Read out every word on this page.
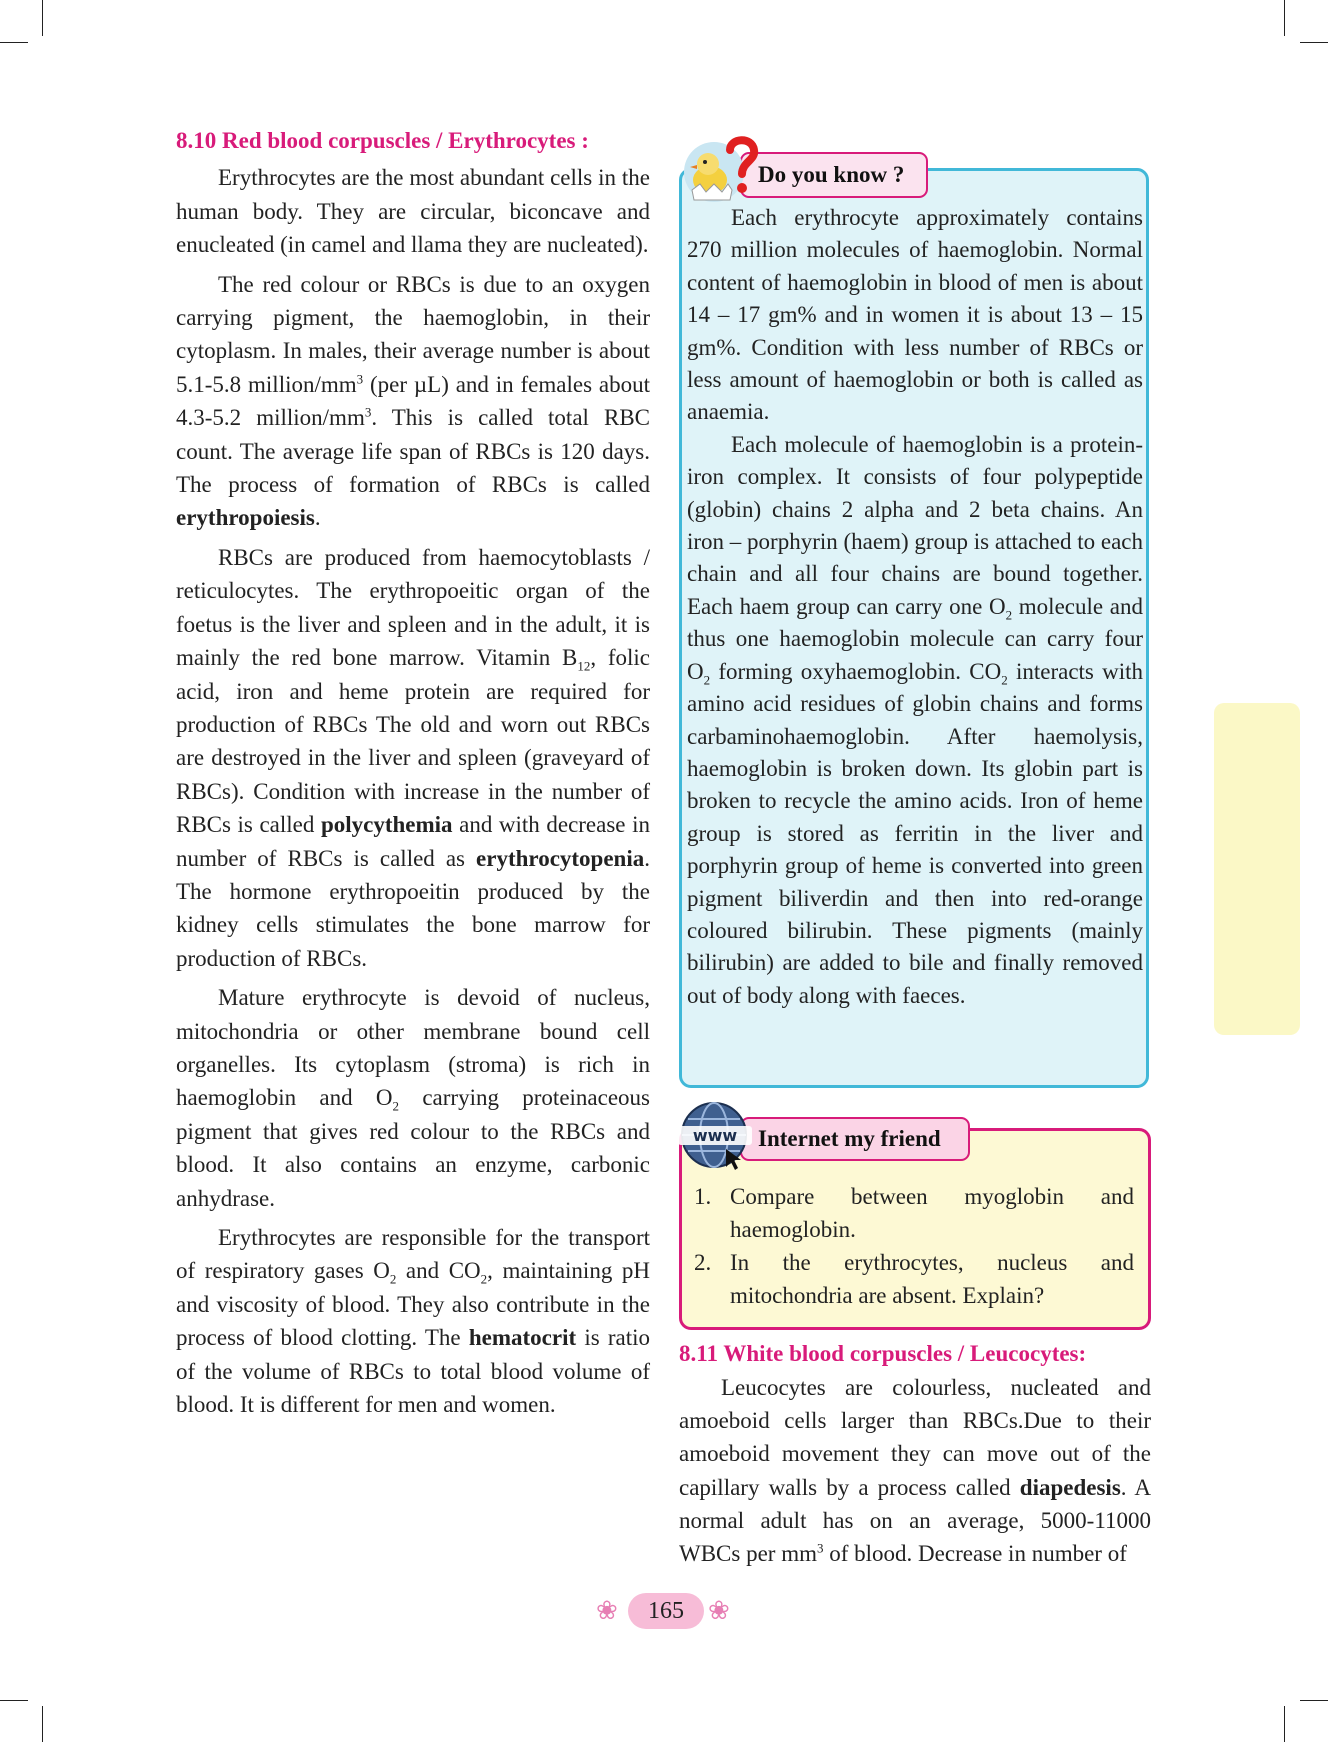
8.10 Red blood corpuscles / Erythrocytes :

Erythrocytes are the most abundant cells in the human body. They are circular, biconcave and enucleated (in camel and llama they are nucleated).

The red colour or RBCs is due to an oxygen carrying pigment, the haemoglobin, in their cytoplasm. In males, their average number is about 5.1-5.8 million/$mm^3$ (per µL) and in females about 4.3-5.2 million/$mm^3$. This is called total RBC count. The average life span of RBCs is 120 days. The process of formation of RBCs is called erythropoiesis.

RBCs are produced from haemocytoblasts / reticulocytes. The erythropoeitic organ of the foetus is the liver and spleen and in the adult, it is mainly the red bone marrow. Vitamin $B_{12}$, folic acid, iron and heme protein are required for production of RBCs The old and worn out RBCs are destroyed in the liver and spleen (graveyard of RBCs). Condition with increase in the number of RBCs is called polycythemia and with decrease in number of RBCs is called as erythrocytopenia. The hormone erythropoeitin produced by the kidney cells stimulates the bone marrow for production of RBCs.

Mature erythrocyte is devoid of nucleus, mitochondria or other membrane bound cell organelles. Its cytoplasm (stroma) is rich in haemoglobin and $O_2$ carrying proteinaceous pigment that gives red colour to the RBCs and blood. It also contains an enzyme, carbonic anhydrase.

Erythrocytes are responsible for the transport of respiratory gases $O_2$ and $CO_2$, maintaining pH and viscosity of blood. They also contribute in the process of blood clotting. The hematocrit is ratio of the volume of RBCs to total blood volume of blood. It is different for men and women.

Do you know ?

Each erythrocyte approximately contains 270 million molecules of haemoglobin. Normal content of haemoglobin in blood of men is about 14 – 17 gm% and in women it is about 13 – 15 gm%. Condition with less number of RBCs or less amount of haemoglobin or both is called as anaemia.

Each molecule of haemoglobin is a protein-iron complex. It consists of four polypeptide (globin) chains 2 alpha and 2 beta chains. An iron – porphyrin (haem) group is attached to each chain and all four chains are bound together. Each haem group can carry one $O_2$ molecule and thus one haemoglobin molecule can carry four $O_2$ forming oxyhaemoglobin. $CO_2$ interacts with amino acid residues of globin chains and forms carbaminohaemoglobin. After haemolysis, haemoglobin is broken down. Its globin part is broken to recycle the amino acids. Iron of heme group is stored as ferritin in the liver and porphyrin group of heme is converted into green pigment biliverdin and then into red-orange coloured bilirubin. These pigments (mainly bilirubin) are added to bile and finally removed out of body along with faeces.

Internet my friend
www
1. Compare between myoglobin and haemoglobin.
2. In the erythrocytes, nucleus and mitochondria are absent. Explain?
8.11 White blood corpuscles / Leucocytes:

Leucocytes are colourless, nucleated and amoeboid cells larger than RBCs.Due to their amoeboid movement they can move out of the capillary walls by a process called diapedesis. A normal adult has on an average, 5000-11000 WBCs per $mm^3$ of blood. Decrease in number of

❀	165 ❀
